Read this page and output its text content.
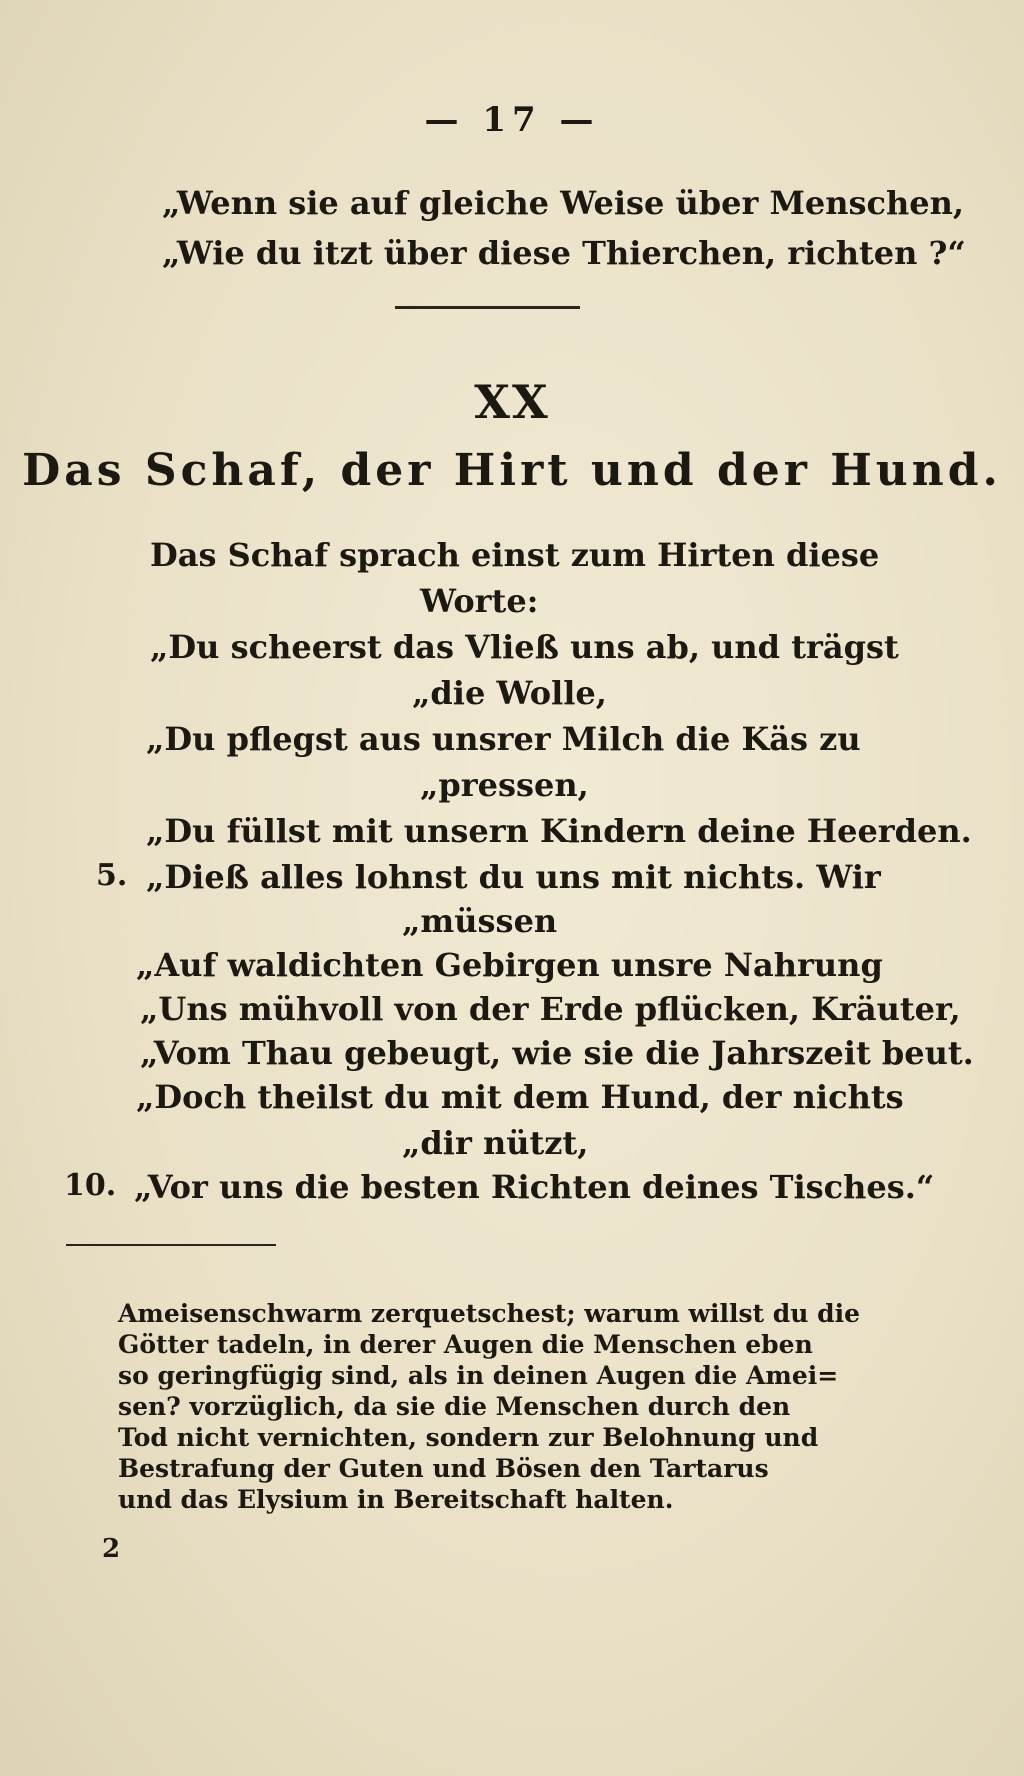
— 17 —
„Wenn sie auf gleiche Weise über Menschen,
„Wie du itzt über diese Thierchen, richten ?“
XX
Das Schaf, der Hirt und der Hund.
Das Schaf sprach einst zum Hirten diese
Worte:
„Du scheerst das Vließ uns ab, und trägst
„die Wolle,
„Du pflegst aus unsrer Milch die Käs zu
„pressen,
„Du füllst mit unsern Kindern deine Heerden.
5. „Dieß alles lohnst du uns mit nichts. Wir
„müssen
„Auf waldichten Gebirgen unsre Nahrung
„Uns mühvoll von der Erde pflücken, Kräuter,
„Vom Thau gebeugt, wie sie die Jahrszeit beut.
„Doch theilst du mit dem Hund, der nichts
„dir nützt,
10. „Vor uns die besten Richten deines Tisches.“
Ameisenschwarm zerquetschest; warum willst du die
Götter tadeln, in derer Augen die Menschen eben
so geringfügig sind, als in deinen Augen die Amei=
sen? vorzüglich, da sie die Menschen durch den
Tod nicht vernichten, sondern zur Belohnung und
Bestrafung der Guten und Bösen den Tartarus
und das Elysium in Bereitschaft halten.
2
